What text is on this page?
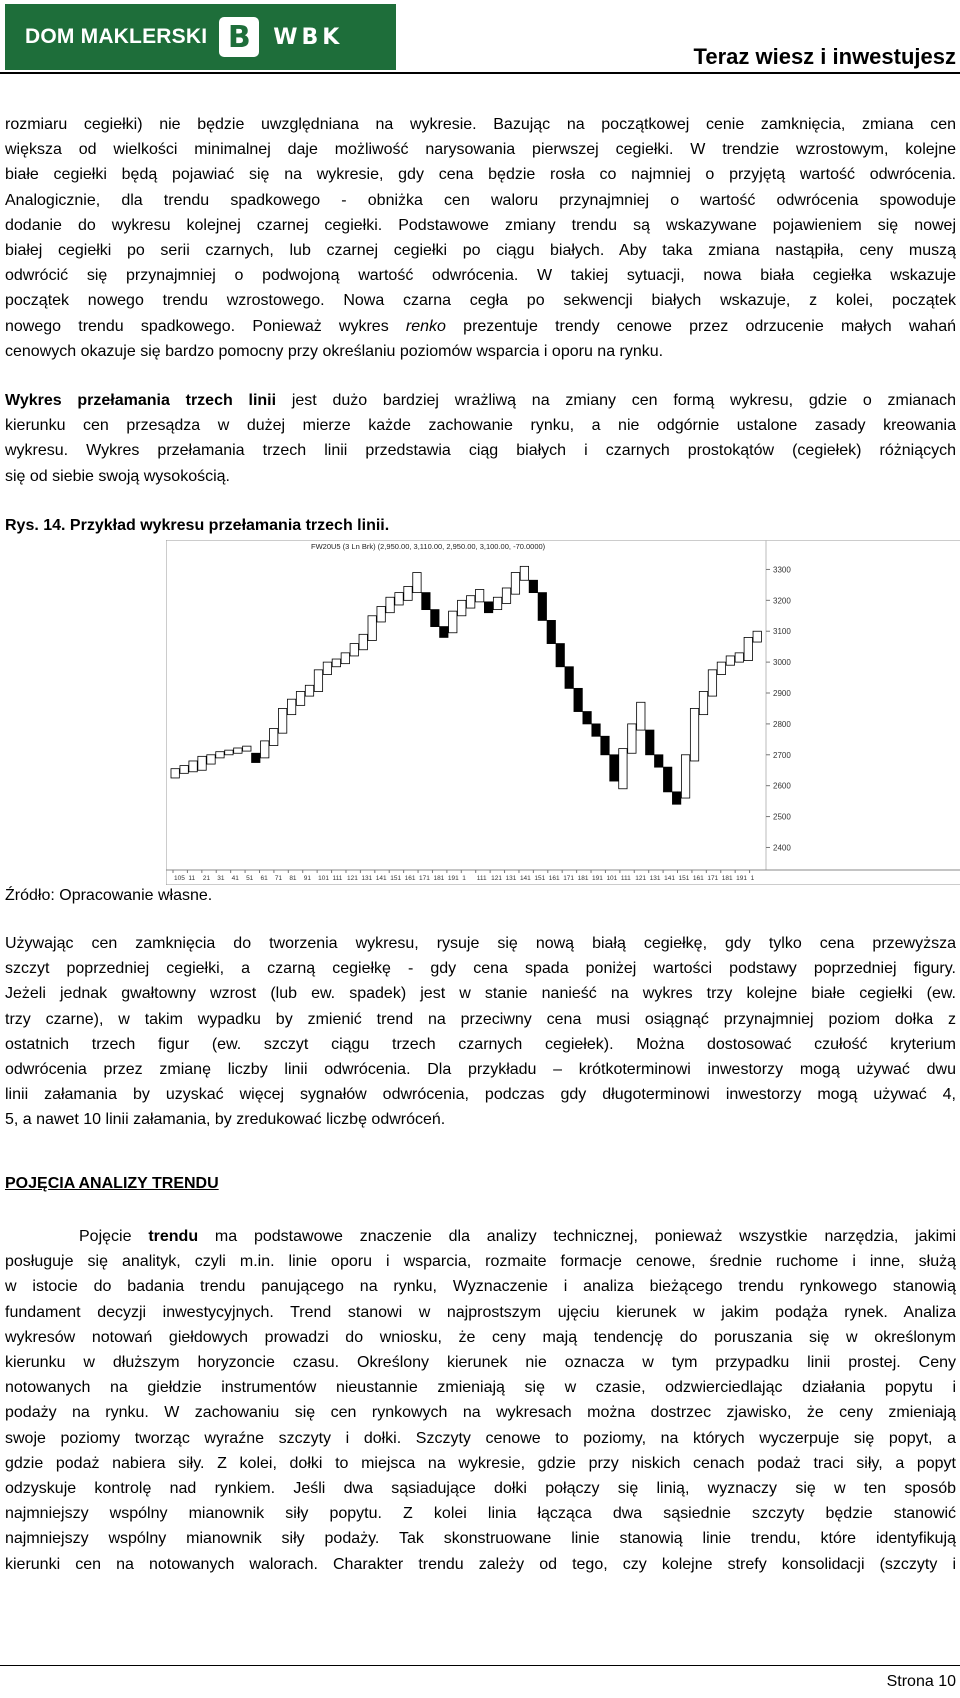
DOM MAKLERSKI B	WBK
Teraz wiesz i inwestujesz
rozmiaru cegiełki) nie będzie uwzględniana na wykresie. Bazując na początkowej cenie zamknięcia, zmiana cen
większa od wielkości minimalnej daje możliwość narysowania pierwszej cegiełki. W trendzie wzrostowym, kolejne
białe cegiełki będą pojawiać się na wykresie, gdy cena będzie rosła co najmniej o przyjętą wartość odwrócenia.
Analogicznie, dla trendu spadkowego - obniżka cen waloru przynajmniej o wartość odwrócenia spowoduje
dodanie do wykresu kolejnej czarnej cegiełki. Podstawowe zmiany trendu są wskazywane pojawieniem się nowej
białej cegiełki po serii czarnych, lub czarnej cegiełki po ciągu białych. Aby taka zmiana nastąpiła, ceny muszą
odwrócić się przynajmniej o podwojoną wartość odwrócenia. W takiej sytuacji, nowa biała cegiełka wskazuje
początek nowego trendu wzrostowego. Nowa czarna cegła po sekwencji białych wskazuje, z kolei, początek
nowego trendu spadkowego. Ponieważ wykres renko prezentuje trendy cenowe przez odrzucenie małych wahań
cenowych okazuje się bardzo pomocny przy określaniu poziomów wsparcia i oporu na rynku.
Wykres przełamania trzech linii jest dużo bardziej wrażliwą na zmiany cen formą wykresu, gdzie o zmianach
kierunku cen przesądza w dużej mierze każde zachowanie rynku, a nie odgórnie ustalone zasady kreowania
wykresu. Wykres przełamania trzech linii przedstawia ciąg białych i czarnych prostokątów (cegiełek) różniących
się od siebie swoją wysokością.
Rys. 14. Przykład wykresu przełamania trzech linii.
FW20U5 (3 Ln Brk) (2,950.00, 3,110.00, 2,950.00, 3,100.00, -70.0000)
3300
3200
3100
3000
2900
2800
2700
2600
2500
2400
105 11 21 31 41 51 61 71 81 91 101 111 121 131 141 151 161 171 181 191 1 111 121 131 141 151 161 171 181 191 101 111 121 131 141 151 161 171 181 191 1
Źródło: Opracowanie własne.
Używając cen zamknięcia do tworzenia wykresu, rysuje się nową białą cegiełkę, gdy tylko cena przewyższa
szczyt poprzedniej cegiełki, a czarną cegiełkę - gdy cena spada poniżej wartości podstawy poprzedniej figury.
Jeżeli jednak gwałtowny wzrost (lub ew. spadek) jest w stanie nanieść na wykres trzy kolejne białe cegiełki (ew.
trzy czarne), w takim wypadku by zmienić trend na przeciwny cena musi osiągnąć przynajmniej poziom dołka z
ostatnich trzech figur (ew. szczyt ciągu trzech czarnych cegiełek). Można dostosować czułość kryterium
odwrócenia przez zmianę liczby linii odwrócenia. Dla przykładu – krótkoterminowi inwestorzy mogą używać dwu
linii załamania by uzyskać więcej sygnałów odwrócenia, podczas gdy długoterminowi inwestorzy mogą używać 4,
5, a nawet 10 linii załamania, by zredukować liczbę odwróceń.
POJĘCIA ANALIZY TRENDU
Pojęcie trendu ma podstawowe znaczenie dla analizy technicznej, ponieważ wszystkie narzędzia, jakimi
posługuje się analityk, czyli m.in. linie oporu i wsparcia, rozmaite formacje cenowe, średnie ruchome i inne, służą
w istocie do badania trendu panującego na rynku, Wyznaczenie i analiza bieżącego trendu rynkowego stanowią
fundament decyzji inwestycyjnych. Trend stanowi w najprostszym ujęciu kierunek w jakim podąża rynek. Analiza
wykresów notowań giełdowych prowadzi do wniosku, że ceny mają tendencję do poruszania się w określonym
kierunku w dłuższym horyzoncie czasu. Określony kierunek nie oznacza w tym przypadku linii prostej. Ceny
notowanych na giełdzie instrumentów nieustannie zmieniają się w czasie, odzwierciedlając działania popytu i
podaży na rynku. W zachowaniu się cen rynkowych na wykresach można dostrzec zjawisko, że ceny zmieniają
swoje poziomy tworząc wyraźne szczyty i dołki. Szczyty cenowe to poziomy, na których wyczerpuje się popyt, a
gdzie podaż nabiera siły. Z kolei, dołki to miejsca na wykresie, gdzie przy niskich cenach podaż traci siły, a popyt
odzyskuje kontrolę nad rynkiem. Jeśli dwa sąsiadujące dołki połączy się linią, wyznaczy się w ten sposób
najmniejszy wspólny mianownik siły popytu. Z kolei linia łącząca dwa sąsiednie szczyty będzie stanowić
najmniejszy wspólny mianownik siły podaży. Tak skonstruowane linie stanowią linie trendu, które identyfikują
kierunki cen na notowanych walorach. Charakter trendu zależy od tego, czy kolejne strefy konsolidacji (szczyty i
Strona 10
